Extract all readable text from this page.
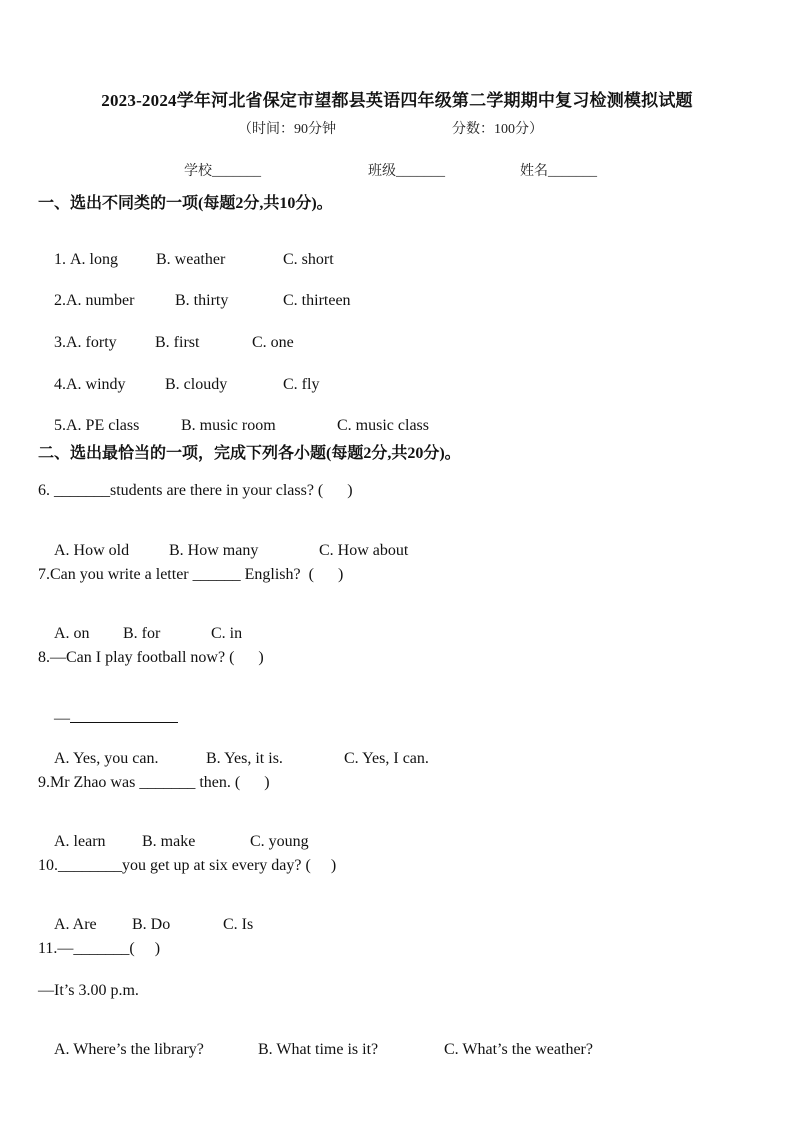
2023-2024学年河北省保定市望都县英语四年级第二学期期中复习检测模拟试题
（时间：90分钟	分数：100分）
学校_______	班级_______	姓名_______
一、选出不同类的一项(每题2分,共10分)。

1. A. long B. weather	C. short

2.A. number	B. thirty	C. thirteen

3.A. forty B. first	C. one

4.A. windy B. cloudy	C. fly

5.A. PE class	B. music room	C. music class

二、选出最恰当的一项，完成下列各小题(每题2分,共20分)。
6. _______students are there in your class? (      )

A. How old B. How many	C. How about

7.Can you write a letter ______ English?  (      )

A. on B. for	C. in

8.—Can I play football now? (      )

—

A. Yes, you can.	B. Yes, it is.	C. Yes, I can.

9.Mr Zhao was _______ then. (      )

A. learn B. make	C. young

10.________you get up at six every day? (     )

A. Are B. Do	C. Is

11.—_______(     )
—It’s 3.00 p.m.

A. Where’s the library?	B. What time is it?	C. What’s the weather?
